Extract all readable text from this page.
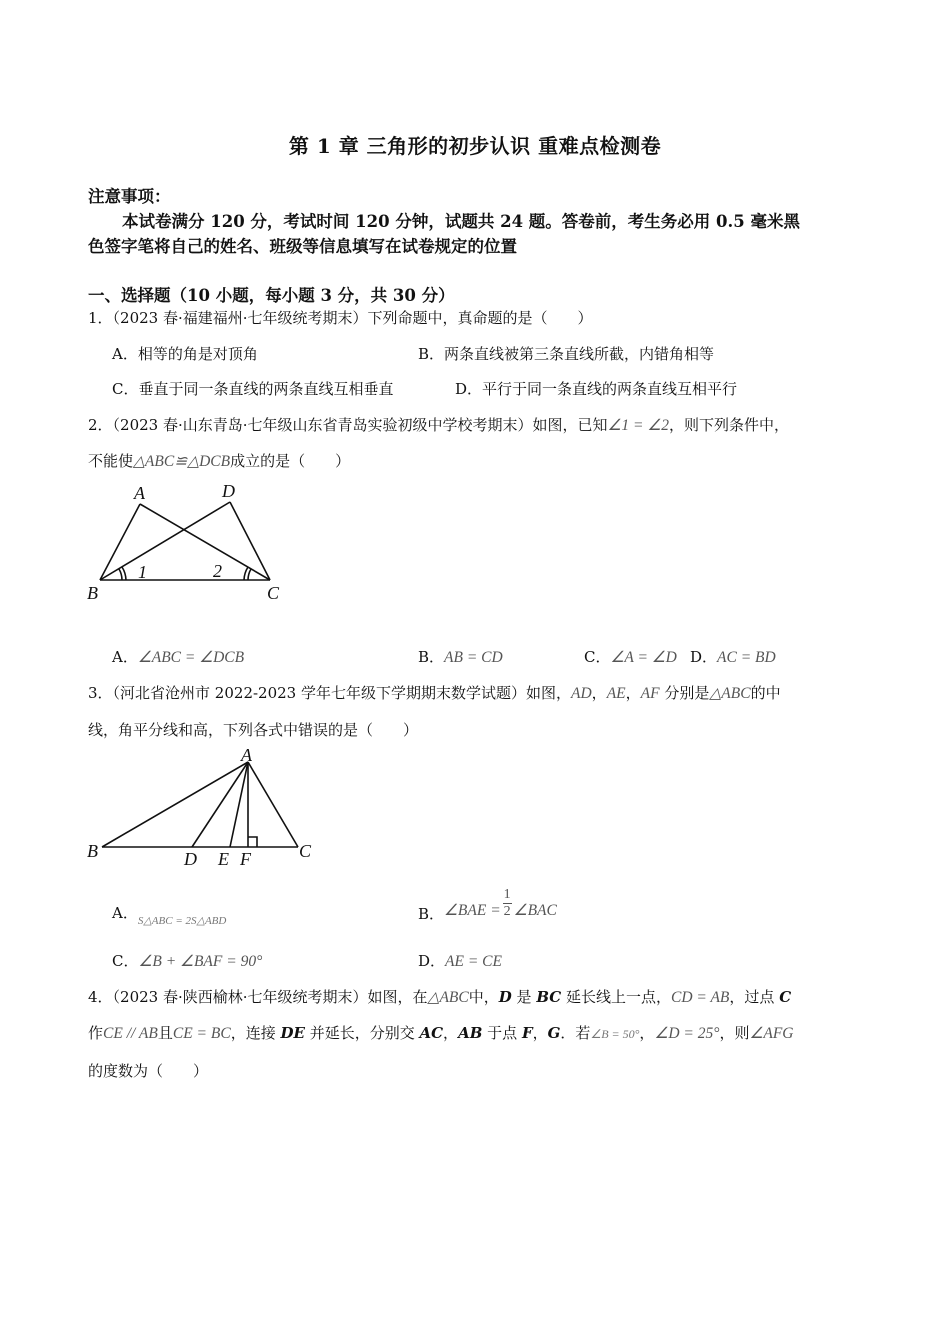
第 1 章 三角形的初步认识 重难点检测卷
注意事项：
本试卷满分 120 分，考试时间 120 分钟，试题共 24 题。答卷前，考生务必用 0.5 毫米黑
色签字笔将自己的姓名、班级等信息填写在试卷规定的位置
一、选择题（10 小题，每小题 3 分，共 30 分）
1．（2023 春·福建福州·七年级统考期末）下列命题中，真命题的是（　　）
A．相等的角是对顶角	B．两条直线被第三条直线所截，内错角相等
C．垂直于同一条直线的两条直线互相垂直	D．平行于同一条直线的两条直线互相平行
2．（2023 春·山东青岛·七年级山东省青岛实验初级中学校考期末）如图，已知∠1 = ∠2，则下列条件中，
不能使△ABC≌△DCB成立的是（　　）
A	D
B	C
1	2
A．∠ABC = ∠DCB	B．AB = CD	C．∠A = ∠D D．AC = BD
3．（河北省沧州市 2022-2023 学年七年级下学期期末数学试题）如图，AD，AE，AF 分别是△ABC的中
线，角平分线和高，下列各式中错误的是（　　）
A
B	D E F	C
A．$_{S\triangle ABC = 2S\triangle ABD}$	B．∠BAE = $\frac{1}{2}$ ∠BAC
C．∠B + ∠BAF = 90°	D．AE = CE
4．（2023 春·陕西榆林·七年级统考期末）如图，在△ABC中，D 是 BC 延长线上一点，CD = AB，过点 C
作CE // AB且CE = BC，连接 DE 并延长，分别交 AC，AB 于点 F，G．若∠B = 50°，∠D = 25°，则∠AFG
的度数为（　　）
